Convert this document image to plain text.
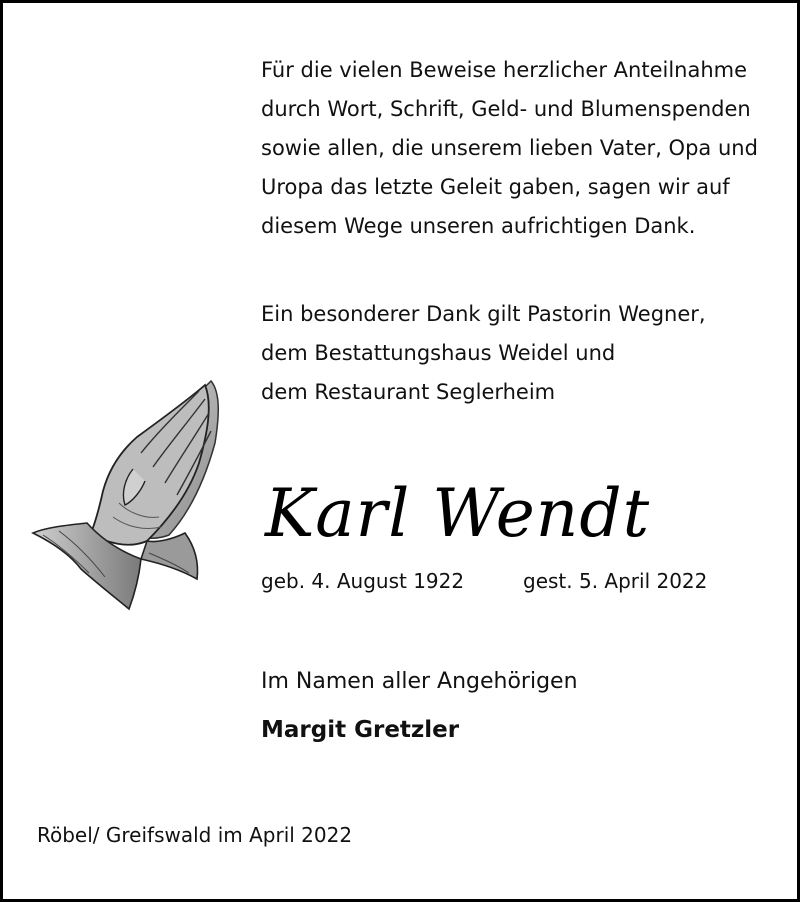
Für die vielen Beweise herzlicher Anteilnahme
durch Wort, Schrift, Geld- und Blumenspenden
sowie allen, die unserem lieben Vater, Opa und
Uropa das letzte Geleit gaben, sagen wir auf
diesem Wege unseren aufrichtigen Dank.
Ein besonderer Dank gilt Pastorin Wegner,
dem Bestattungshaus Weidel und
dem Restaurant Seglerheim
Karl Wendt
geb. 4. August 1922	gest. 5. April 2022
Im Namen aller Angehörigen
Margit Gretzler
Röbel/ Greifswald im April 2022
